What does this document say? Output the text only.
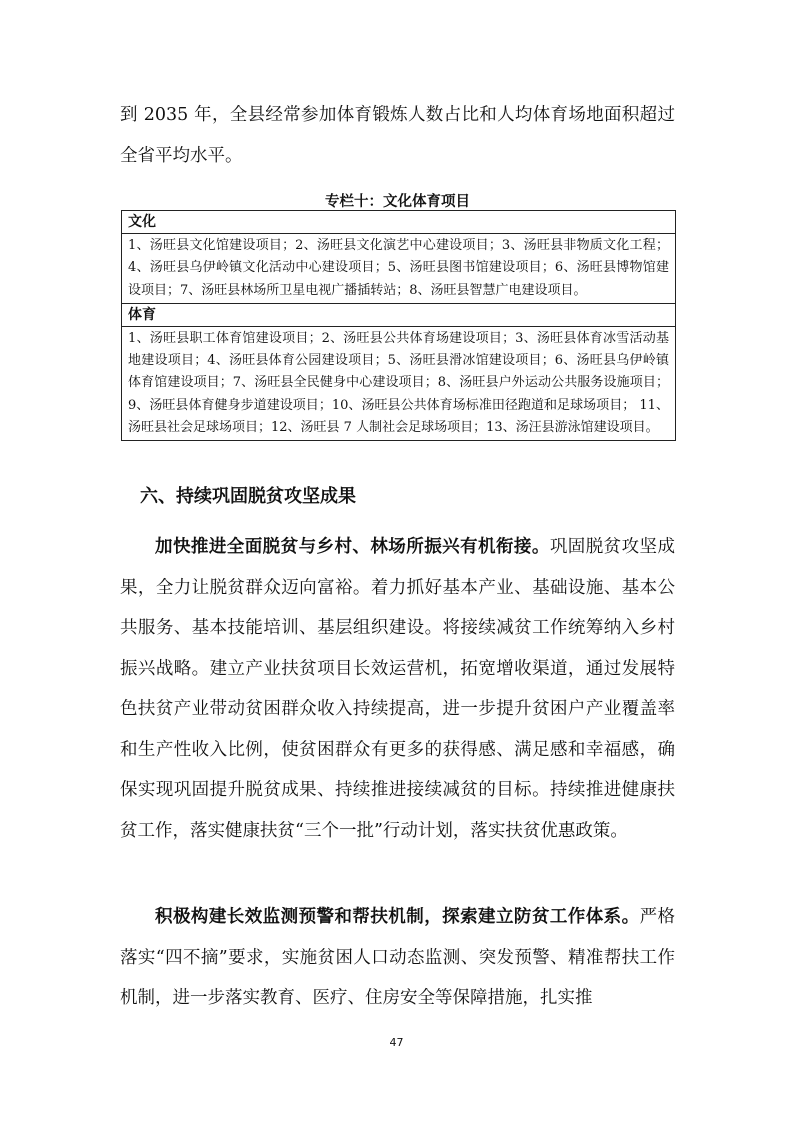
到 2035 年，全县经常参加体育锻炼人数占比和人均体育场地面积超过全省平均水平。

专栏十：文化体育项目

文化
1、汤旺县文化馆建设项目；2、汤旺县文化演艺中心建设项目；3、汤旺县非物质文化工程；4、汤旺县乌伊岭镇文化活动中心建设项目；5、汤旺县图书馆建设项目；6、汤旺县博物馆建设项目；7、汤旺县林场所卫星电视广播插转站；8、汤旺县智慧广电建设项目。
体育
1、汤旺县职工体育馆建设项目；2、汤旺县公共体育场建设项目；3、汤旺县体育冰雪活动基地建设项目；4、汤旺县体育公园建设项目；5、汤旺县滑冰馆建设项目；6、汤旺县乌伊岭镇体育馆建设项目；7、汤旺县全民健身中心建设项目；8、汤旺县户外运动公共服务设施项目；9、汤旺县体育健身步道建设项目；10、汤旺县公共体育场标准田径跑道和足球场项目； 11、汤旺县社会足球场项目；12、汤旺县 7 人制社会足球场项目；13、汤汪县游泳馆建设项目。
六、持续巩固脱贫攻坚成果

加快推进全面脱贫与乡村、林场所振兴有机衔接。巩固脱贫攻坚成果，全力让脱贫群众迈向富裕。着力抓好基本产业、基础设施、基本公共服务、基本技能培训、基层组织建设。将接续减贫工作统筹纳入乡村振兴战略。建立产业扶贫项目长效运营机，拓宽增收渠道，通过发展特色扶贫产业带动贫困群众收入持续提高，进一步提升贫困户产业覆盖率和生产性收入比例，使贫困群众有更多的获得感、满足感和幸福感，确保实现巩固提升脱贫成果、持续推进接续减贫的目标。持续推进健康扶贫工作，落实健康扶贫“三个一批”行动计划，落实扶贫优惠政策。

积极构建长效监测预警和帮扶机制，探索建立防贫工作体系。严格落实“四不摘”要求，实施贫困人口动态监测、突发预警、精准帮扶工作机制，进一步落实教育、医疗、住房安全等保障措施，扎实推

47
